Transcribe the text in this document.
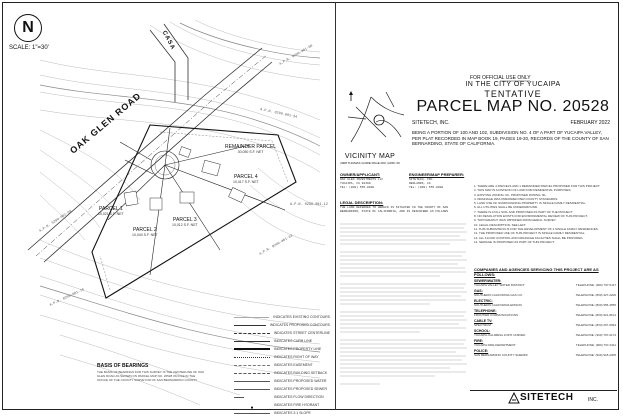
A.P.N. 0299-081-09
A.P.N. 0299-081-34
A.P.N. 0299-081-33
A.P.N. 0299-081-10
A.P.N. 0299-081-12
A.P.N. 0299-081-08
N
SCALE: 1"=30'
OAK GLEN ROAD
CASA
REMAINDER PARCEL
30,050 S.F. NET
PARCEL 4
10,417 S.F. NET
PARCEL 3
10,012 S.F. NET
PARCEL 2
10,040 S.F. NET
PARCEL 1
10,021 S.F. NET
INDICATES EXISTING CONTOURS
INDICATES PROPOSED CONTOURS
INDICATES STREET CENTERLINE
INDICATES CURB LINE
INDICATES PROPERTY LINE
INDICATES RIGHT OF WAY
INDICATES EASEMENT
INDICATES BUILDING SETBACK
INDICATES PROPOSED WATER
INDICATES PROPOSED SEWER
INDICATES FLOW DIRECTION
●	INDICATES FIRE HYDRANT
INDICATES 2:1 SLOPE
BASIS OF BEARINGS
THE BASIS OF BEARINGS FOR THIS SURVEY IS THE CENTERLINE OF OAK GLEN ROAD AS SHOWN ON PARCEL MAP NO. 20528 ON FILE IN THE OFFICE OF THE COUNTY SURVEYOR OF SAN BERNARDINO COUNTY
FOR OFFICIAL USE ONLY
IN THE CITY OF YUCAIPA
TENTATIVE
PARCEL MAP NO. 20528
SITETECH, INC.	FEBRUARY 2022
BEING A PORTION OF 100 AND 102, SUBDIVISION NO. 4 OF A PART OF YUCAIPA VALLEY, PER PLAT RECORDED IN MAP BOOK 19, PAGES 19-20, RECORDS OF THE COUNTY OF SAN BERNARDINO, STATE OF CALIFORNIA.
VICINITY MAP
2008 THOMAS GUIDE PAGE 000, GRID: 00
OWNER/APPLICANT:
OAK GLEN INVESTMENTS LLC
YUCAIPA, CA 92399
TEL: (909) 555-0000
ENGINEER/MAP PREPARER:
SITETECH, INC.
REDLANDS, CA
TEL: (909) 555-0000
LEGAL DESCRIPTION:
THE LAND REFERRED TO HEREIN IS SITUATED IN THE COUNTY OF SAN BERNARDINO, STATE OF CALIFORNIA, AND IS DESCRIBED AS FOLLOWS
1. THERE ARE 4 PARCELS AND 1 REMAINDER PARCEL PROPOSED FOR THIS PROJECT.
2. THIS MAP IS A DIVISION OF LAND FOR RESIDENTIAL PURPOSES.
3. EXISTING ZONING: RL. PROPOSED ZONING: RL.
4. DRAINAGE WAS PREPARED PER COUNTY STANDARDS.
5. LAND USE OF SURROUNDING PROPERTY IS SINGLE FAMILY RESIDENTIAL.
6. ALL UTILITIES SHALL BE UNDERGROUND.
7. THERE IS A FILL SOIL AND PROPOSED AS PART OF THE PROJECT.
8. NO RESOLUTION EXISTS FOR ENVIRONMENTAL REVIEW OF THIS PROJECT.
9. TOPOGRAPHY WAS OBTAINED FROM AERIAL SURVEY.
10. LEGAL DESCRIPTION: SEE LEFT.
11. THIS SUBDIVISION IS FOR THE DEVELOPMENT OF 4 SINGLE FAMILY RESIDENCES.
12. THE PROPOSED USE OF THIS PROJECT IS SINGLE FAMILY RESIDENTIAL.
13. ALL FLOOD CONTROL AND DRAINAGE FACILITIES SHALL BE PROVIDED.
14. SEWAGE IS PROPOSED AS PART OF THIS PROJECT.
COMPANIES AND AGENCIES SERVICING THIS PROJECT ARE AS FOLLOWS:
SEWER/WATER:
YUCAIPA VALLEY WATER DISTRICT	TELEPHONE: (909) 797-5117
GAS:
SOUTHERN CALIFORNIA GAS CO.	TELEPHONE: (800) 427-2200
ELECTRIC:
SOUTHERN CALIFORNIA EDISON	TELEPHONE: (800) 655-4555
TELEPHONE:
FRONTIER COMMUNICATIONS	TELEPHONE: (800) 921-8101
CABLE TV:
SPECTRUM	TELEPHONE: (833) 267-6094
SCHOOL:
YUCAIPA-CALIMESA JOINT UNIFIED	TELEPHONE: (909) 797-0174
FIRE:
YUCAIPA FIRE DEPARTMENT	TELEPHONE: (909) 797-2311
POLICE:
SAN BERNARDINO COUNTY SHERIFF	TELEPHONE: (909) 918-2305
SITETECH	INC.
